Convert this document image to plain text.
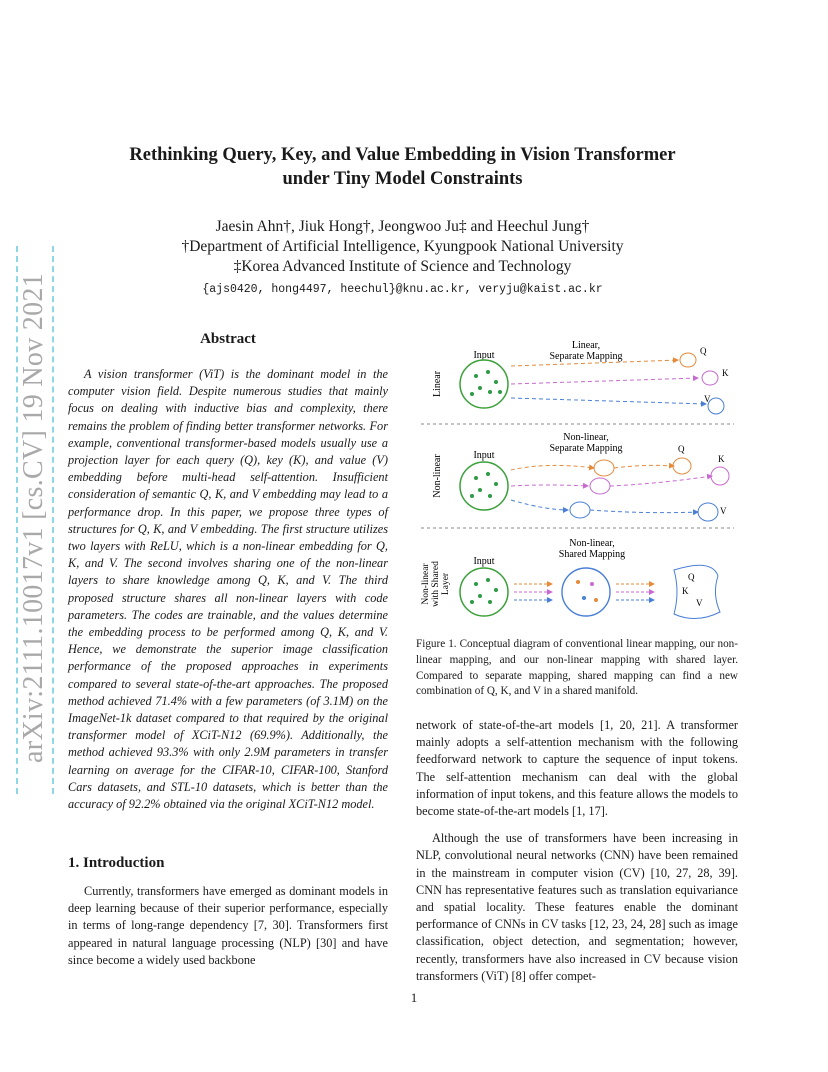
arXiv:2111.10017v1 [cs.CV] 19 Nov 2021
Rethinking Query, Key, and Value Embedding in Vision Transformer
under Tiny Model Constraints
Jaesin Ahn†, Jiuk Hong†, Jeongwoo Ju‡ and Heechul Jung†
†Department of Artificial Intelligence, Kyungpook National University
‡Korea Advanced Institute of Science and Technology
{ajs0420, hong4497, heechul}@knu.ac.kr, veryju@kaist.ac.kr
Abstract
A vision transformer (ViT) is the dominant model in the computer vision field. Despite numerous studies that mainly focus on dealing with inductive bias and complexity, there remains the problem of finding better transformer networks. For example, conventional transformer-based models usually use a projection layer for each query (Q), key (K), and value (V) embedding before multi-head self-attention. Insufficient consideration of semantic Q, K, and V embedding may lead to a performance drop. In this paper, we propose three types of structures for Q, K, and V embedding. The first structure utilizes two layers with ReLU, which is a non-linear embedding for Q, K, and V. The second involves sharing one of the non-linear layers to share knowledge among Q, K, and V. The third proposed structure shares all non-linear layers with code parameters. The codes are trainable, and the values determine the embedding process to be performed among Q, K, and V. Hence, we demonstrate the superior image classification performance of the proposed approaches in experiments compared to several state-of-the-art approaches. The proposed method achieved 71.4% with a few parameters (of 3.1M) on the ImageNet-1k dataset compared to that required by the original transformer model of XCiT-N12 (69.9%). Additionally, the method achieved 93.3% with only 2.9M parameters in transfer learning on average for the CIFAR-10, CIFAR-100, Stanford Cars datasets, and STL-10 datasets, which is better than the accuracy of 92.2% obtained via the original XCiT-N12 model.
1. Introduction
Currently, transformers have emerged as dominant models in deep learning because of their superior performance, especially in terms of long-range dependency [7, 30]. Transformers first appeared in natural language processing (NLP) [30] and have since become a widely used backbone
Linear
Input
Linear, Separate Mapping	Q
K
V
Non-linear	Input
Non-linear, Separate Mapping	Q
K
V
Non-linearwith SharedLayer
Input
Non-linear, Shared Mapping
Q
K
V
Figure 1. Conceptual diagram of conventional linear mapping, our non-linear mapping, and our non-linear mapping with shared layer. Compared to separate mapping, shared mapping can find a new combination of Q, K, and V in a shared manifold.

network of state-of-the-art models [1, 20, 21]. A transformer mainly adopts a self-attention mechanism with the following feedforward network to capture the sequence of input tokens. The self-attention mechanism can deal with the global information of input tokens, and this feature allows the models to become state-of-the-art models [1, 17].

Although the use of transformers have been increasing in NLP, convolutional neural networks (CNN) have been remained in the mainstream in computer vision (CV) [10, 27, 28, 39]. CNN has representative features such as translation equivariance and spatial locality. These features enable the dominant performance of CNNs in CV tasks [12, 23, 24, 28] such as image classification, object detection, and segmentation; however, recently, transformers have also increased in CV because vision transformers (ViT) [8] offer compet-

1
